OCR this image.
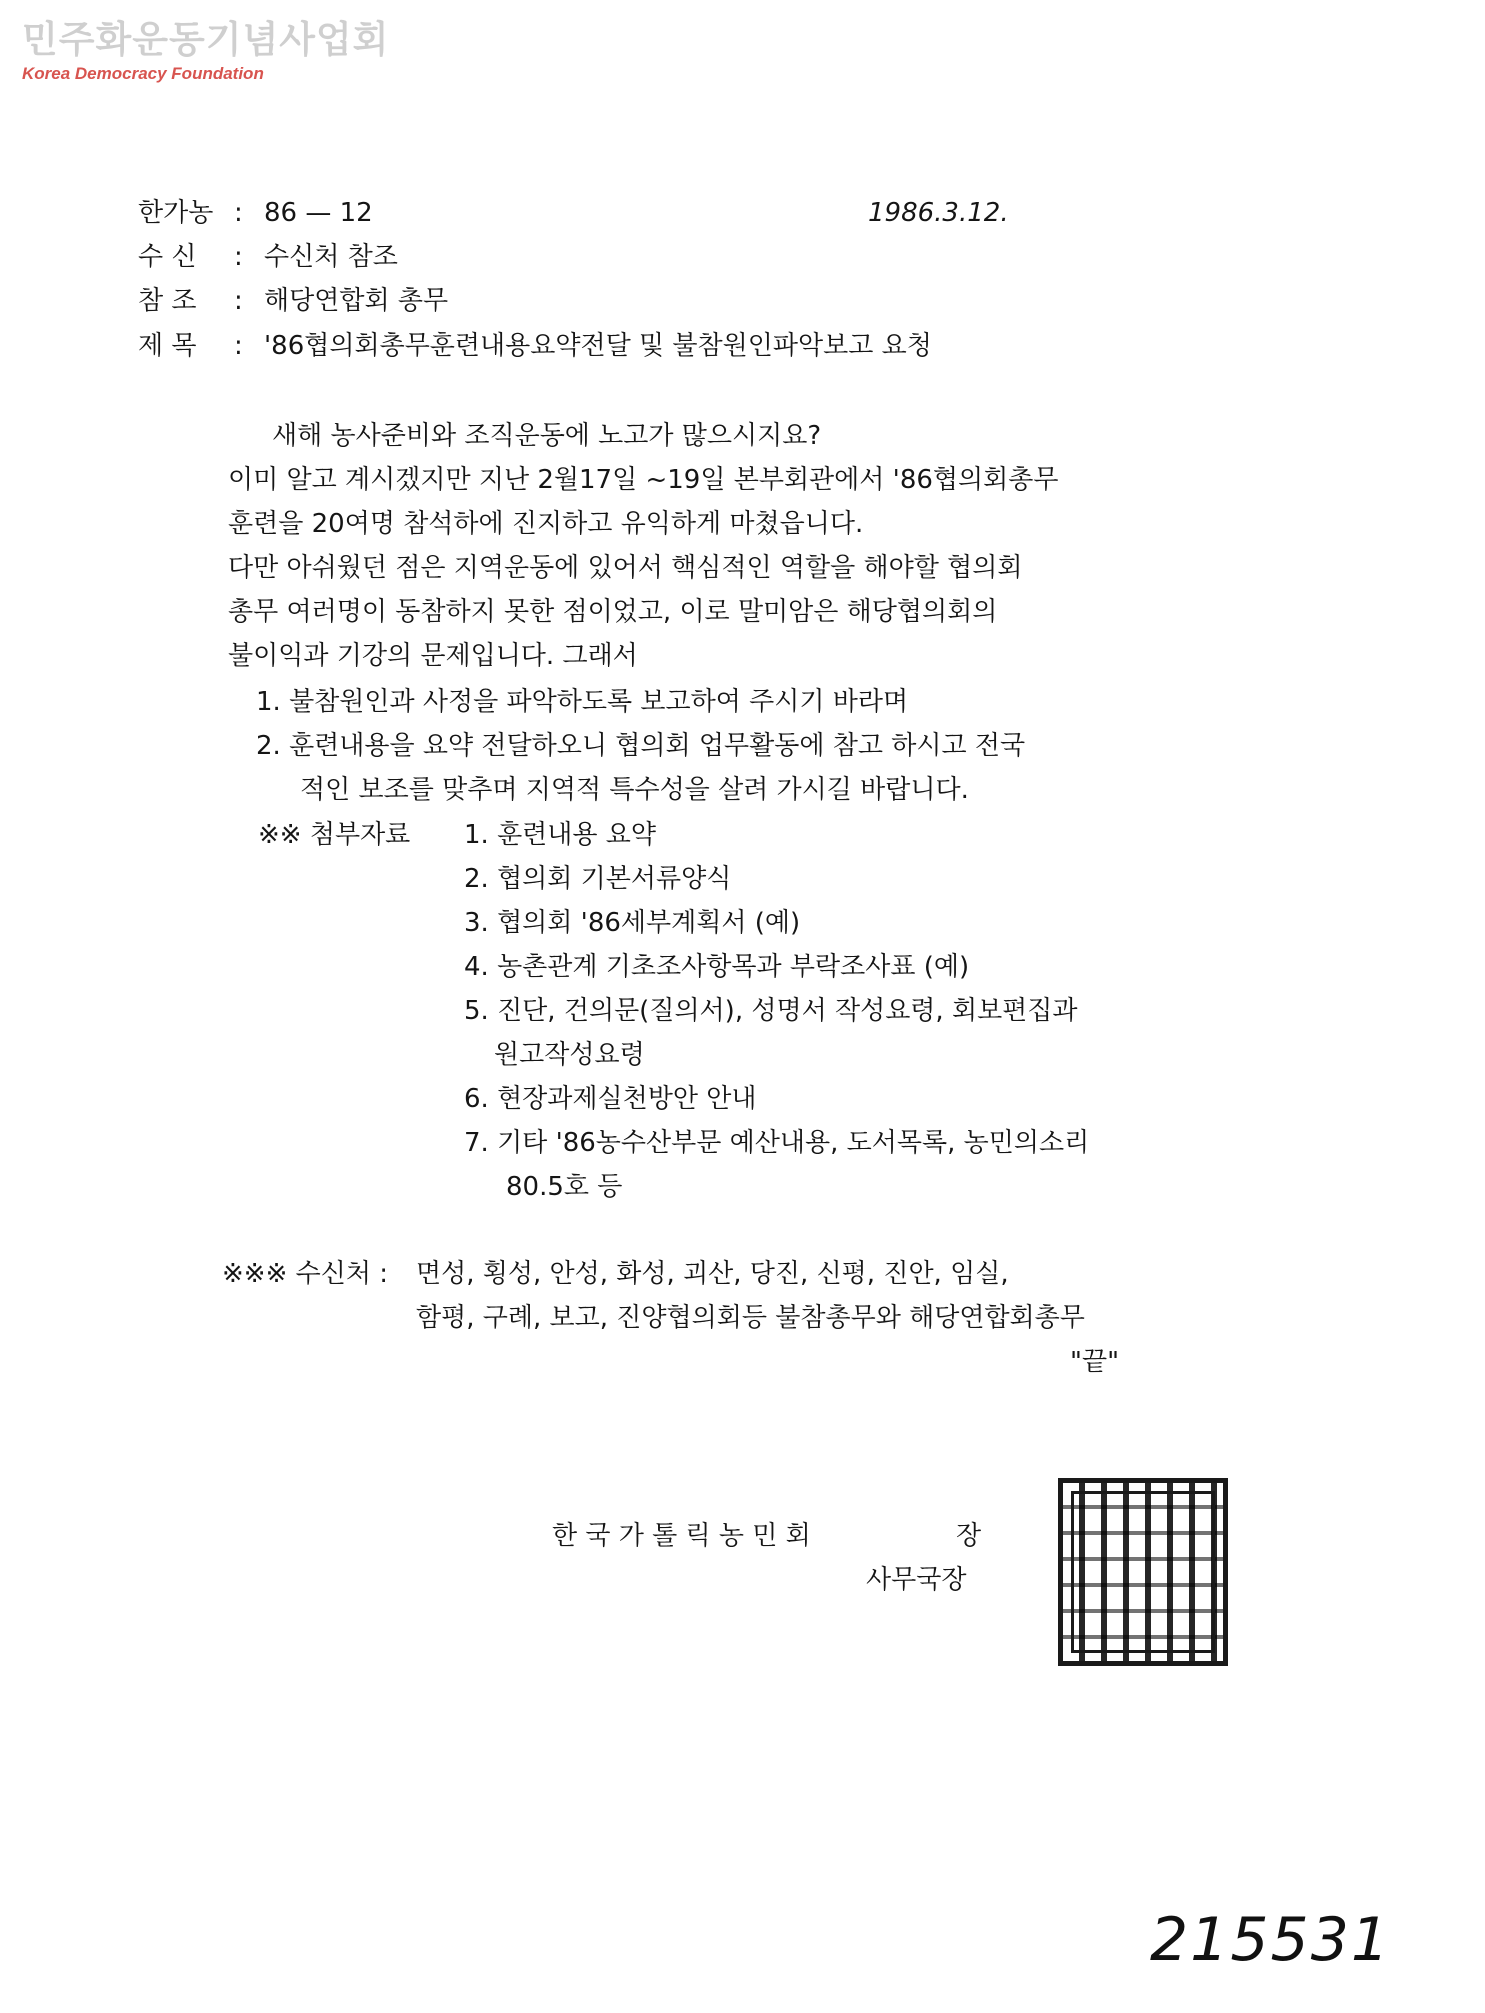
민주화운동기념사업회
Korea Democracy Foundation
한가농 : 86 — 12	1986.3.12.
수 신 : 수신처 참조
참 조 : 해당연합회 총무
제 목 : '86협의회총무훈련내용요약전달 및 불참원인파악보고 요청
새해 농사준비와 조직운동에 노고가 많으시지요?
이미 알고 계시겠지만 지난 2월17일 ~19일 본부회관에서 '86협의회총무
훈련을 20여명 참석하에 진지하고 유익하게 마쳤읍니다.
다만 아쉬웠던 점은 지역운동에 있어서 핵심적인 역할을 해야할 협의회
총무 여러명이 동참하지 못한 점이었고, 이로 말미암은 해당협의회의
불이익과 기강의 문제입니다. 그래서
1. 불참원인과 사정을 파악하도록 보고하여 주시기 바라며
2. 훈련내용을 요약 전달하오니 협의회 업무활동에 참고 하시고 전국
적인 보조를 맞추며 지역적 특수성을 살려 가시길 바랍니다.
※※ 첨부자료 1. 훈련내용 요약
2. 협의회 기본서류양식
3. 협의회 '86세부계획서 (예)
4. 농촌관계 기초조사항목과 부락조사표 (예)
5. 진단, 건의문(질의서), 성명서 작성요령, 회보편집과
원고작성요령
6. 현장과제실천방안 안내
7. 기타 '86농수산부문 예산내용, 도서목록, 농민의소리
80.5호 등
※※※ 수신처 : 면성, 횡성, 안성, 화성, 괴산, 당진, 신평, 진안, 임실,
함평, 구례, 보고, 진양협의회등 불참총무와 해당연합회총무
"끝"
한 국 가 톨 릭 농 민 회	장
사무국장
215531
